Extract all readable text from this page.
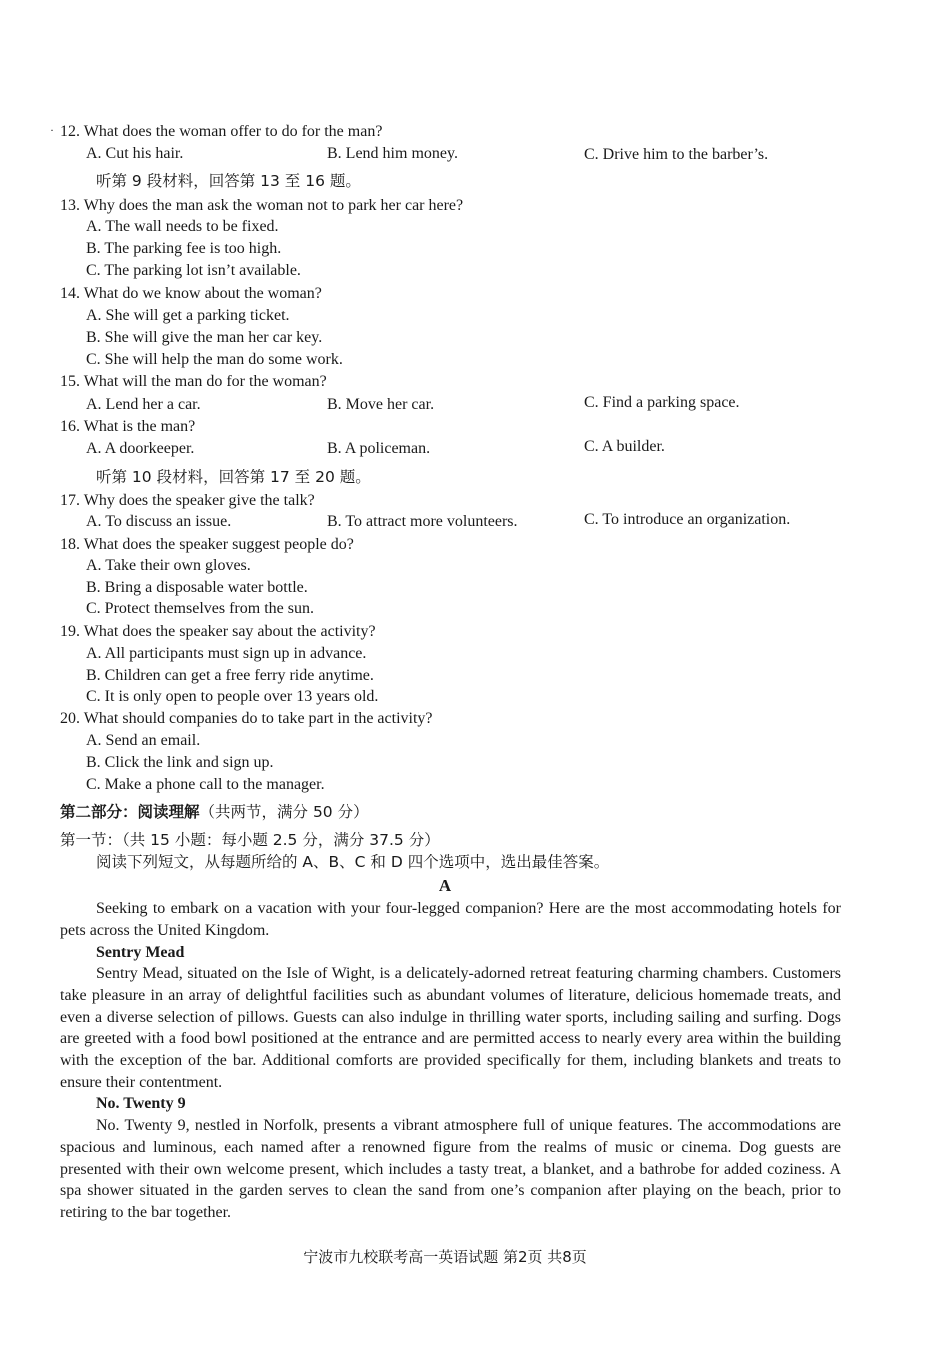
· 12. What does the woman offer to do for the man?
A. Cut his hair.	B. Lend him money.	C. Drive him to the barber’s.
听第 9 段材料，回答第 13 至 16 题。
13. Why does the man ask the woman not to park her car here?
A. The wall needs to be fixed.
B. The parking fee is too high.
C. The parking lot isn’t available.
14. What do we know about the woman?
A. She will get a parking ticket.
B. She will give the man her car key.
C. She will help the man do some work.
15. What will the man do for the woman?
A. Lend her a car.	B. Move her car.	C. Find a parking space.
16. What is the man?
A. A doorkeeper.	B. A policeman.	C. A builder.
听第 10 段材料，回答第 17 至 20 题。
17. Why does the speaker give the talk?
A. To discuss an issue.	B. To attract more volunteers.	C. To introduce an organization.
18. What does the speaker suggest people do?
A. Take their own gloves.
B. Bring a disposable water bottle.
C. Protect themselves from the sun.
19. What does the speaker say about the activity?
A. All participants must sign up in advance.
B. Children can get a free ferry ride anytime.
C. It is only open to people over 13 years old.
20. What should companies do to take part in the activity?
A. Send an email.
B. Click the link and sign up.
C. Make a phone call to the manager.
第二部分：阅读理解（共两节，满分 50 分）
第一节：（共 15 小题：每小题 2.5 分，满分 37.5 分）
阅读下列短文，从每题所给的 A、B、C 和 D 四个选项中，选出最佳答案。
A
Seeking to embark on a vacation with your four-legged companion? Here are the most accommodating hotels for pets across the United Kingdom.
Sentry Mead
Sentry Mead, situated on the Isle of Wight, is a delicately-adorned retreat featuring charming chambers. Customers take pleasure in an array of delightful facilities such as abundant volumes of literature, delicious homemade treats, and even a diverse selection of pillows. Guests can also indulge in thrilling water sports, including sailing and surfing. Dogs are greeted with a food bowl positioned at the entrance and are permitted access to nearly every area within the building with the exception of the bar. Additional comforts are provided specifically for them, including blankets and treats to ensure their contentment.
No. Twenty 9
No. Twenty 9, nestled in Norfolk, presents a vibrant atmosphere full of unique features. The accommodations are spacious and luminous, each named after a renowned figure from the realms of music or cinema. Dog guests are presented with their own welcome present, which includes a tasty treat, a blanket, and a bathrobe for added coziness. A spa shower situated in the garden serves to clean the sand from one’s companion after playing on the beach, prior to retiring to the bar together.
宁波市九校联考高一英语试题 第2页 共8页
